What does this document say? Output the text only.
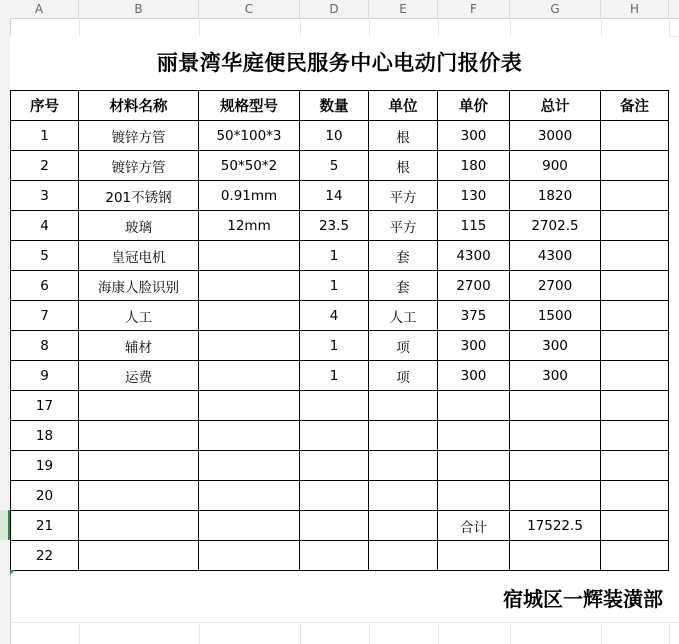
A	B	C	D	E	F	G	H
丽景湾华庭便民服务中心电动门报价表
序号	材料名称	规格型号	数量	单位	单价	总计	备注
1	镀锌方管	50*100*3	10	根	300	3000	
2	镀锌方管	50*50*2	5	根	180	900	
3	201不锈钢	0.91mm	14	平方	130	1820	
4	玻璃	12mm	23.5	平方	115	2702.5	
5	皇冠电机		1	套	4300	4300	
6	海康人脸识别		1	套	2700	2700	
7	人工		4	人工	375	1500	
8	辅材		1	项	300	300	
9	运费		1	项	300	300	
17							
18							
19							
20							
21					合计	17522.5	
22							
宿城区一辉装潢部
